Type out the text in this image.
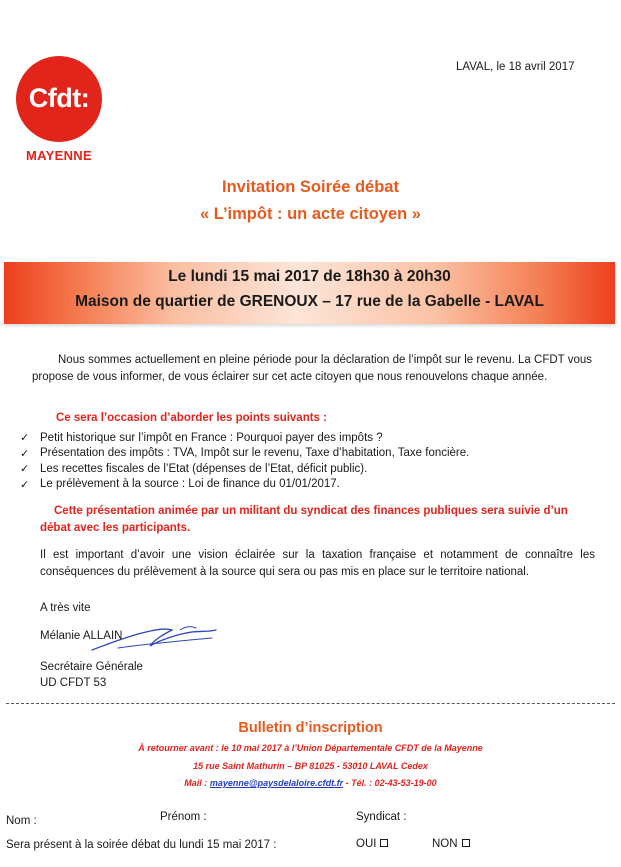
Cfdt:
MAYENNE
LAVAL, le 18 avril 2017
Invitation Soirée débat
« L’impôt : un acte citoyen »
Le lundi 15 mai 2017 de 18h30 à 20h30
Maison de quartier de GRENOUX – 17 rue de la Gabelle - LAVAL
Nous sommes actuellement en pleine période pour la déclaration de l’impôt sur le revenu. La CFDT vous propose de vous informer, de vous éclairer sur cet acte citoyen que nous renouvelons chaque année.
Ce sera l’occasion d’aborder les points suivants :
✓ Petit historique sur l’impôt en France : Pourquoi payer des impôts ?
✓ Présentation des impôts : TVA, Impôt sur le revenu, Taxe d’habitation, Taxe foncière.
✓ Les recettes fiscales de l’Etat (dépenses de l’Etat, déficit public).
✓ Le prélèvement à la source : Loi de finance du 01/01/2017.
Cette présentation animée par un militant du syndicat des finances publiques sera suivie d’un débat avec les participants.
Il est important d’avoir une vision éclairée sur la taxation française et notamment de connaître les conséquences du prélèvement à la source qui sera ou pas mis en place sur le territoire national.
A très vite
Mélanie ALLAIN
Secrétaire Générale
UD CFDT 53
Bulletin d’inscription
À retourner avant : le 10 mai 2017 à l’Union Départementale CFDT de la Mayenne
15 rue Saint Mathurin – BP 81025 - 53010 LAVAL Cedex
Mail : mayenne@paysdelaloire.cfdt.fr - Tél. : 02-43-53-19-00
Nom :	Prénom :	Syndicat :
Sera présent à la soirée débat du lundi 15 mai 2017 :	OUI	NON
